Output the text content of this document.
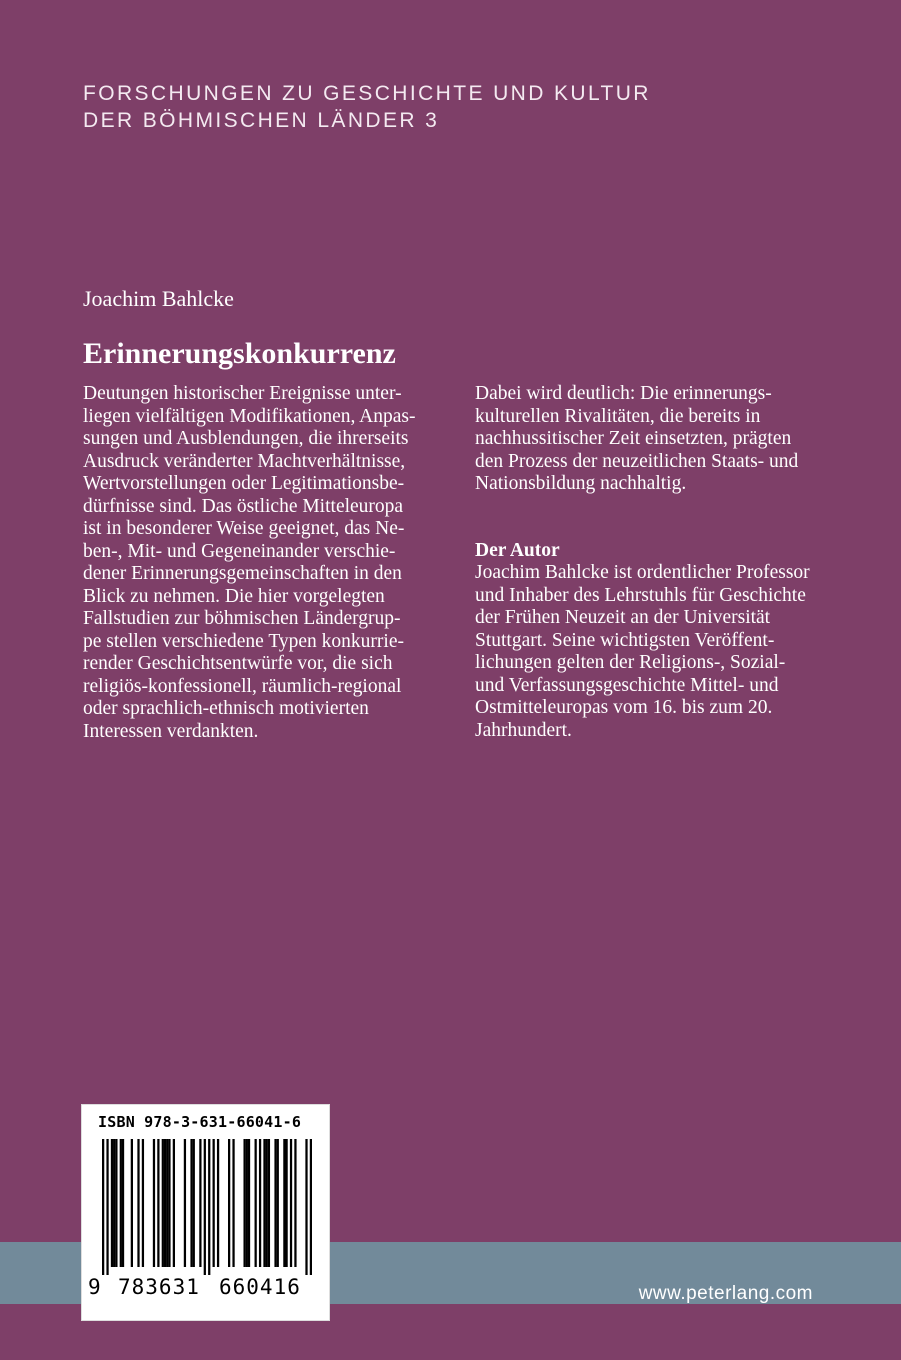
FORSCHUNGEN ZU GESCHICHTE UND KULTUR
DER BÖHMISCHEN LÄNDER 3
Joachim Bahlcke
Erinnerungskonkurrenz
Deutungen historischer Ereignisse unter-
liegen vielfältigen Modifikationen, Anpas-
sungen und Ausblendungen, die ihrerseits
Ausdruck veränderter Machtverhältnisse,
Wertvorstellungen oder Legitimationsbe-
dürfnisse sind. Das östliche Mitteleuropa
ist in besonderer Weise geeignet, das Ne-
ben-, Mit- und Gegeneinander verschie-
dener Erinnerungsgemeinschaften in den
Blick zu nehmen. Die hier vorgelegten
Fallstudien zur böhmischen Ländergrup-
pe stellen verschiedene Typen konkurrie-
render Geschichtsentwürfe vor, die sich
religiös-konfessionell, räumlich-regional
oder sprachlich-ethnisch motivierten
Interessen verdankten.
Dabei wird deutlich: Die erinnerungs-
kulturellen Rivalitäten, die bereits in
nachhussitischer Zeit einsetzten, prägten
den Prozess der neuzeitlichen Staats- und
Nationsbildung nachhaltig.
Der Autor
Joachim Bahlcke ist ordentlicher Professor
und Inhaber des Lehrstuhls für Geschichte
der Frühen Neuzeit an der Universität
Stuttgart. Seine wichtigsten Veröffent-
lichungen gelten der Religions-, Sozial-
und Verfassungsgeschichte Mittel- und
Ostmitteleuropas vom 16. bis zum 20.
Jahrhundert.
www.peterlang.com
ISBN 978-3-631-66041-6
9 783631 660416
